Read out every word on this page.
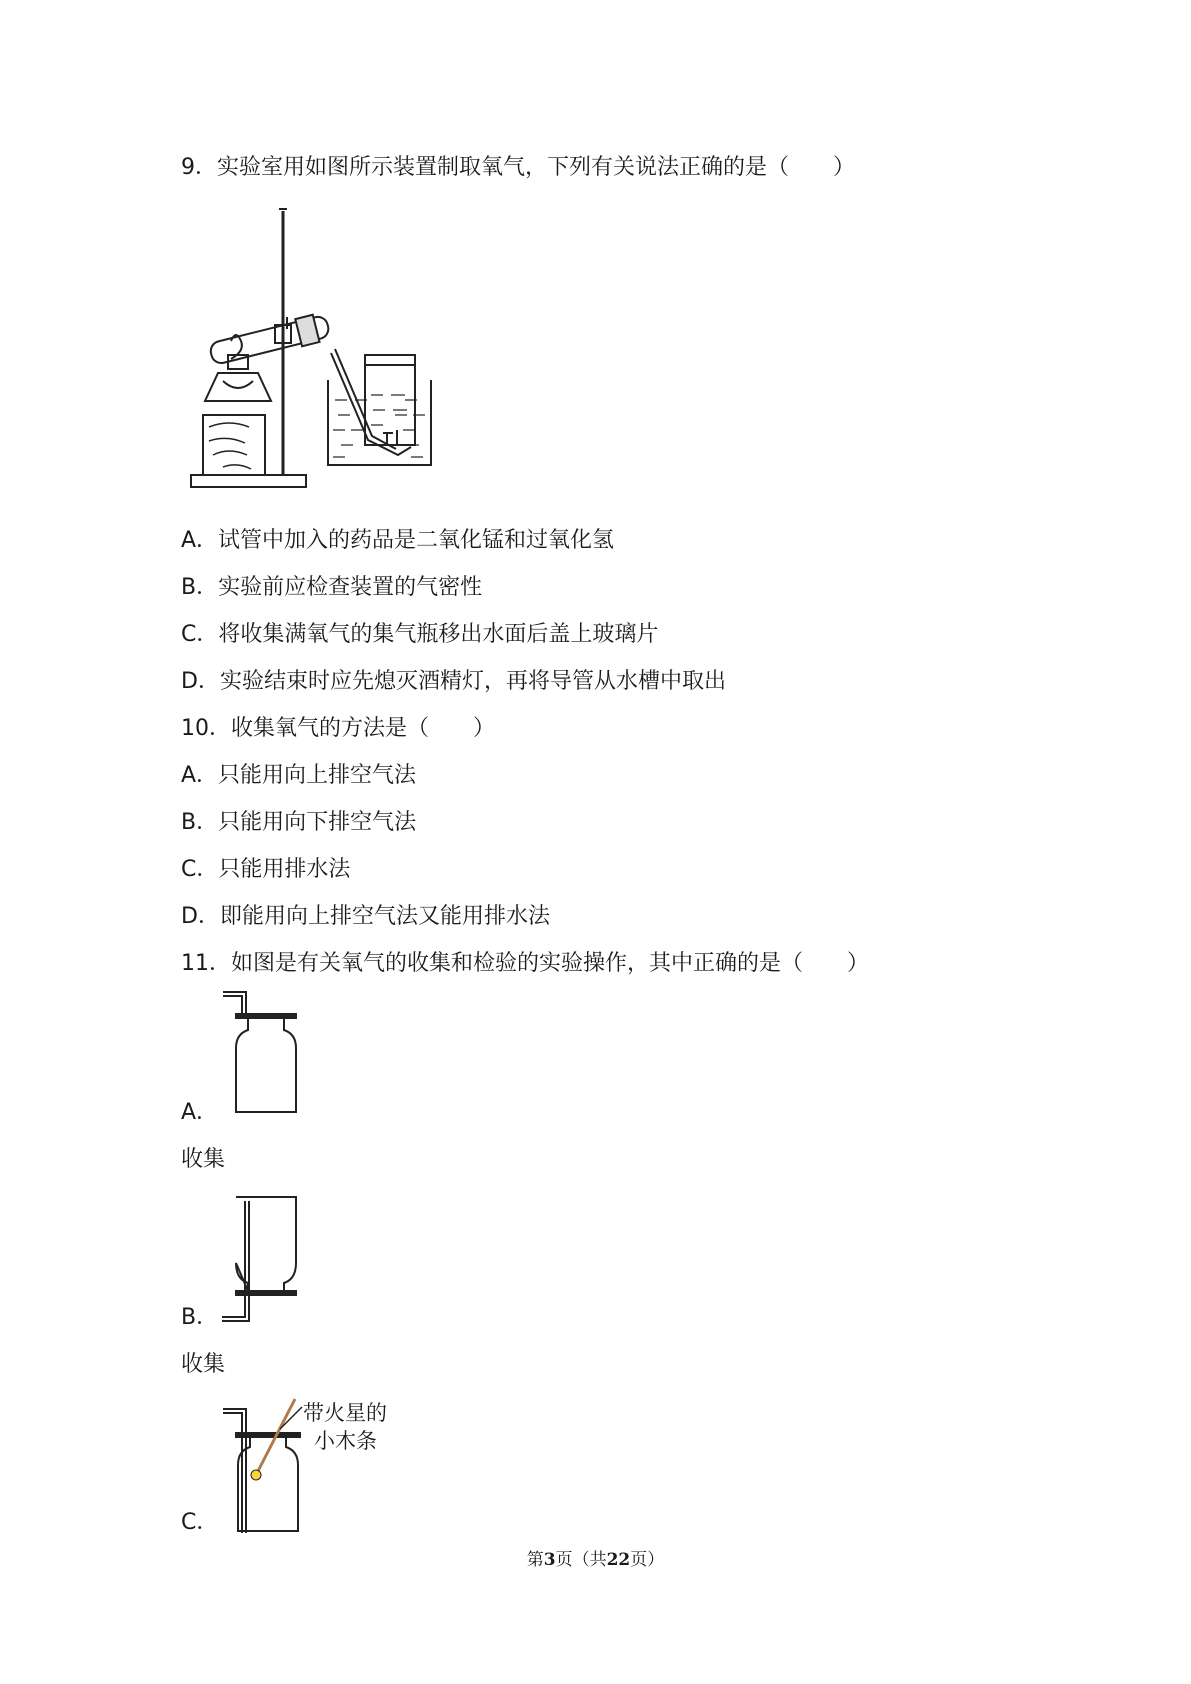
9．实验室用如图所示装置制取氧气，下列有关说法正确的是（　　）
A．试管中加入的药品是二氧化锰和过氧化氢
B．实验前应检查装置的气密性
C．将收集满氧气的集气瓶移出水面后盖上玻璃片
D．实验结束时应先熄灭酒精灯，再将导管从水槽中取出
10．收集氧气的方法是（　　）
A．只能用向上排空气法
B．只能用向下排空气法
C．只能用排水法
D．即能用向上排空气法又能用排水法
11．如图是有关氧气的收集和检验的实验操作，其中正确的是（　　）
A．
收集
B．
收集
带火星的
小木条
C．
第3页（共22页）
